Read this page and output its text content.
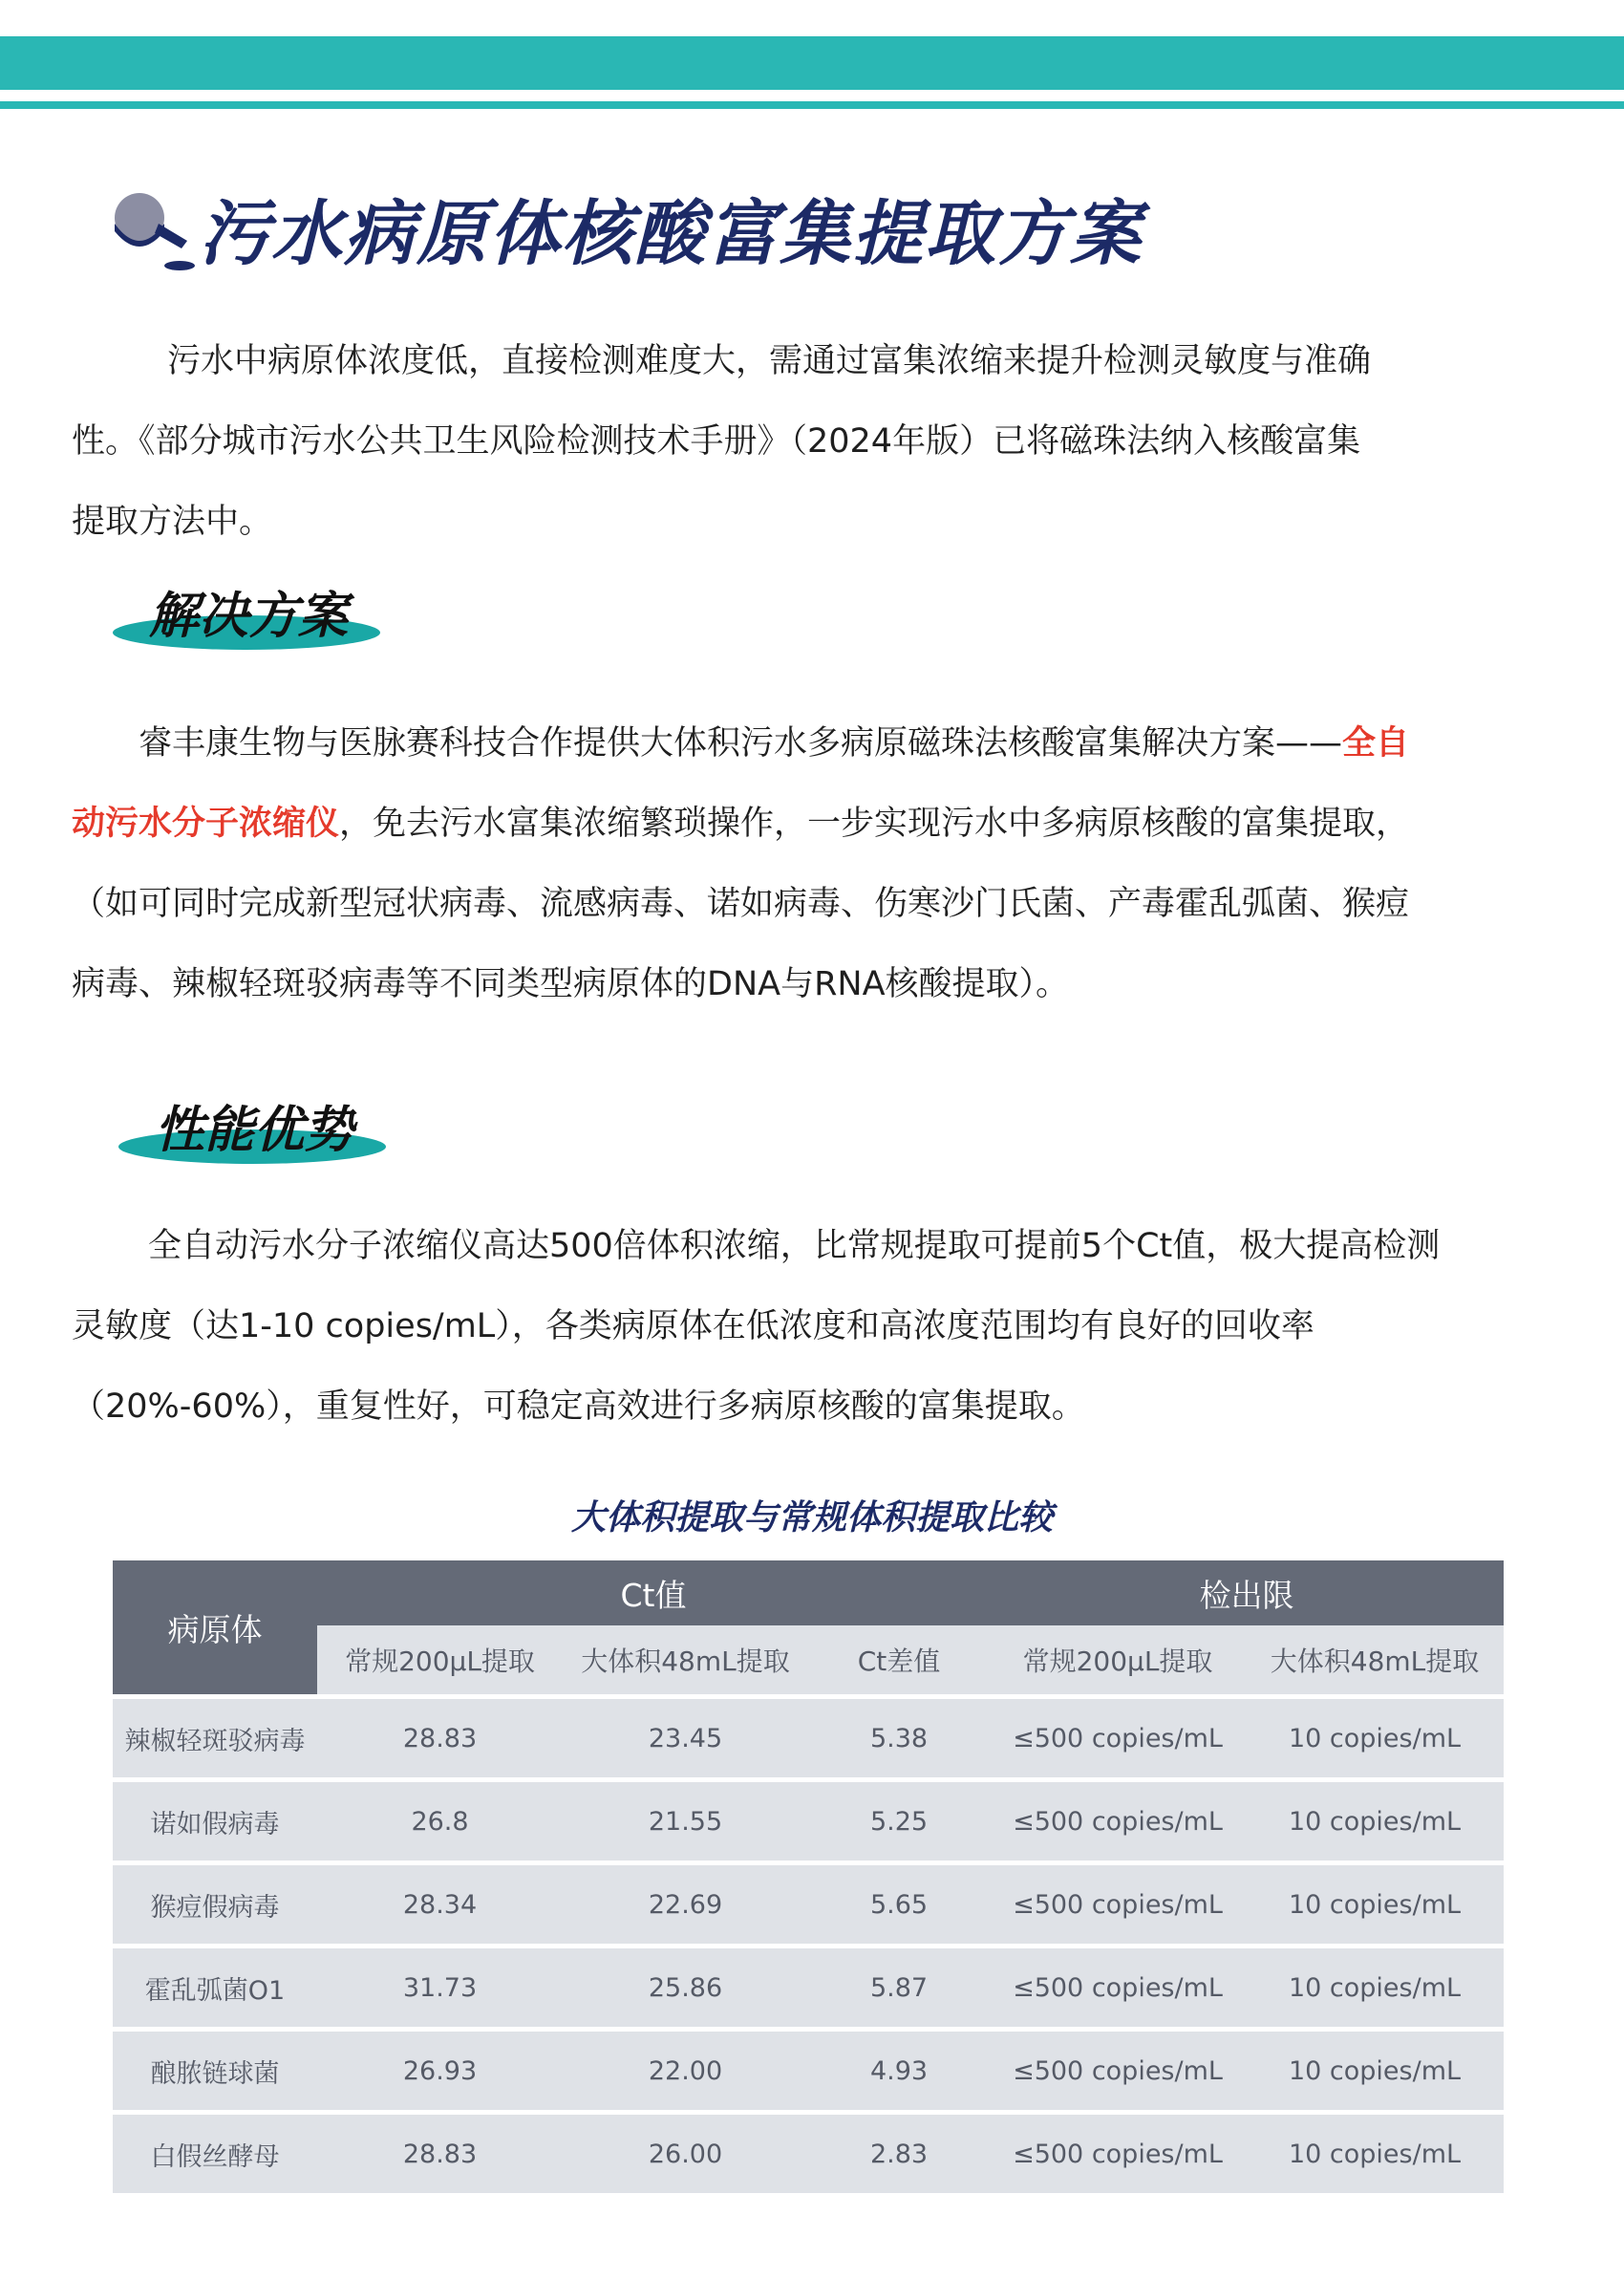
污水病原体核酸富集提取方案
污水中病原体浓度低，直接检测难度大，需通过富集浓缩来提升检测灵敏度与准确
性。《部分城市污水公共卫生风险检测技术手册》（2024年版）已将磁珠法纳入核酸富集
提取方法中。
解决方案
睿丰康生物与医脉赛科技合作提供大体积污水多病原磁珠法核酸富集解决方案——全自
动污水分子浓缩仪，免去污水富集浓缩繁琐操作，一步实现污水中多病原核酸的富集提取，
（如可同时完成新型冠状病毒、流感病毒、诺如病毒、伤寒沙门氏菌、产毒霍乱弧菌、猴痘
病毒、辣椒轻斑驳病毒等不同类型病原体的DNA与RNA核酸提取）。
性能优势
全自动污水分子浓缩仪高达500倍体积浓缩，比常规提取可提前5个Ct值，极大提高检测
灵敏度（达1-10 copies/mL），各类病原体在低浓度和高浓度范围均有良好的回收率
（20%-60%），重复性好，可稳定高效进行多病原核酸的富集提取。
大体积提取与常规体积提取比较
病原体	Ct值			检出限	
	常规200μL提取	大体积48mL提取	Ct差值	常规200μL提取	大体积48mL提取
辣椒轻斑驳病毒	28.83	23.45	5.38	≤500 copies/mL	10 copies/mL
诺如假病毒	26.8	21.55	5.25	≤500 copies/mL	10 copies/mL
猴痘假病毒	28.34	22.69	5.65	≤500 copies/mL	10 copies/mL
霍乱弧菌O1	31.73	25.86	5.87	≤500 copies/mL	10 copies/mL
酿脓链球菌	26.93	22.00	4.93	≤500 copies/mL	10 copies/mL
白假丝酵母	28.83	26.00	2.83	≤500 copies/mL	10 copies/mL
